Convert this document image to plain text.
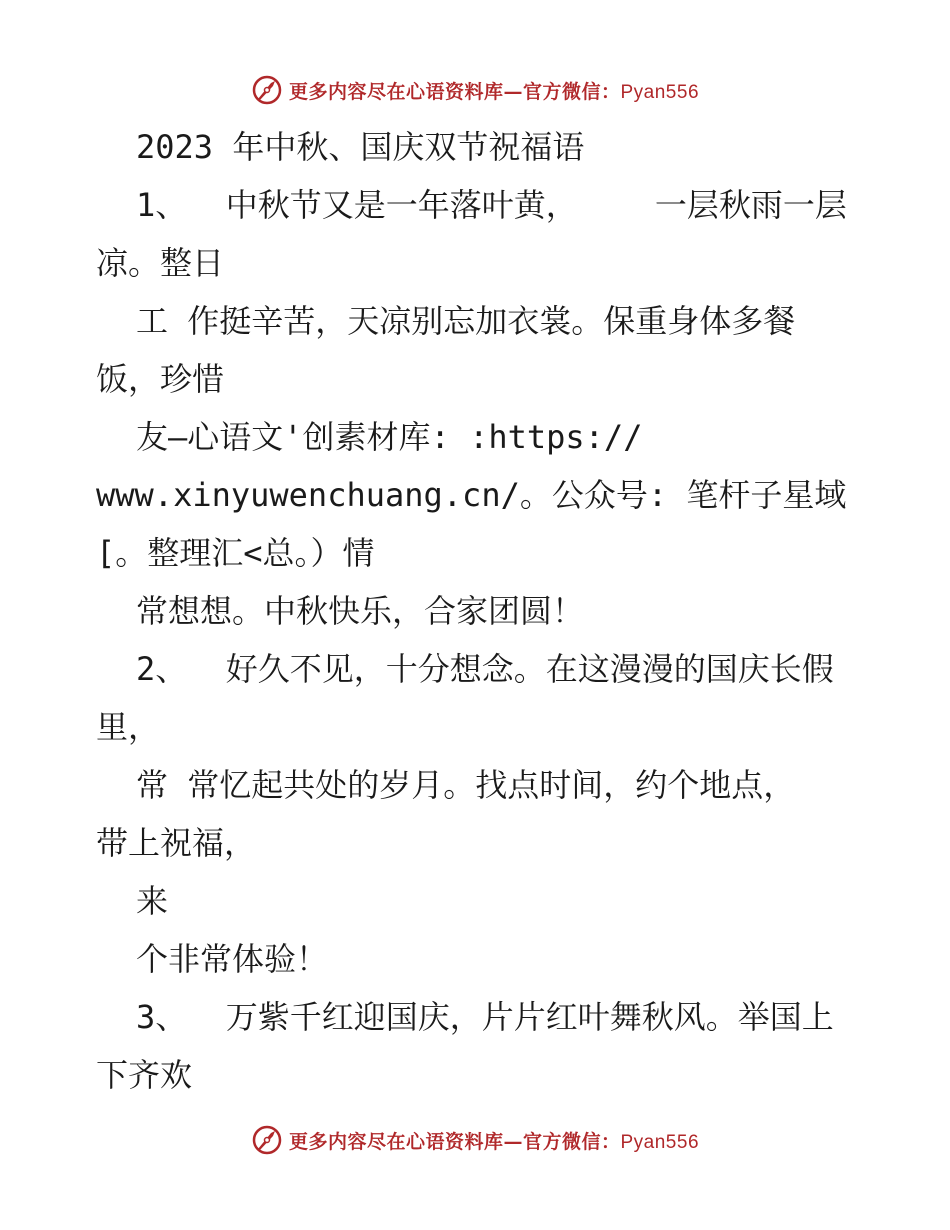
更多内容尽在心语资料库—官方微信：Pyan556
2023 年中秋、国庆双节祝福语
1、  中秋节又是一年落叶黄，    一层秋雨一层
凉。整日
工 作挺辛苦，天凉别忘加衣裳。保重身体多餐
饭，珍惜
友—心语文'创素材库: :https://
www.xinyuwenchuang.cn/。公众号: 笔杆子星域
[。整理汇<总。）情
常想想。中秋快乐，合家团圆！
2、  好久不见，十分想念。在这漫漫的国庆长假
里，
常 常忆起共处的岁月。找点时间，约个地点，
带上祝福，
来
个非常体验！
3、  万紫千红迎国庆，片片红叶舞秋风。举国上
下齐欢
更多内容尽在心语资料库—官方微信：Pyan556
